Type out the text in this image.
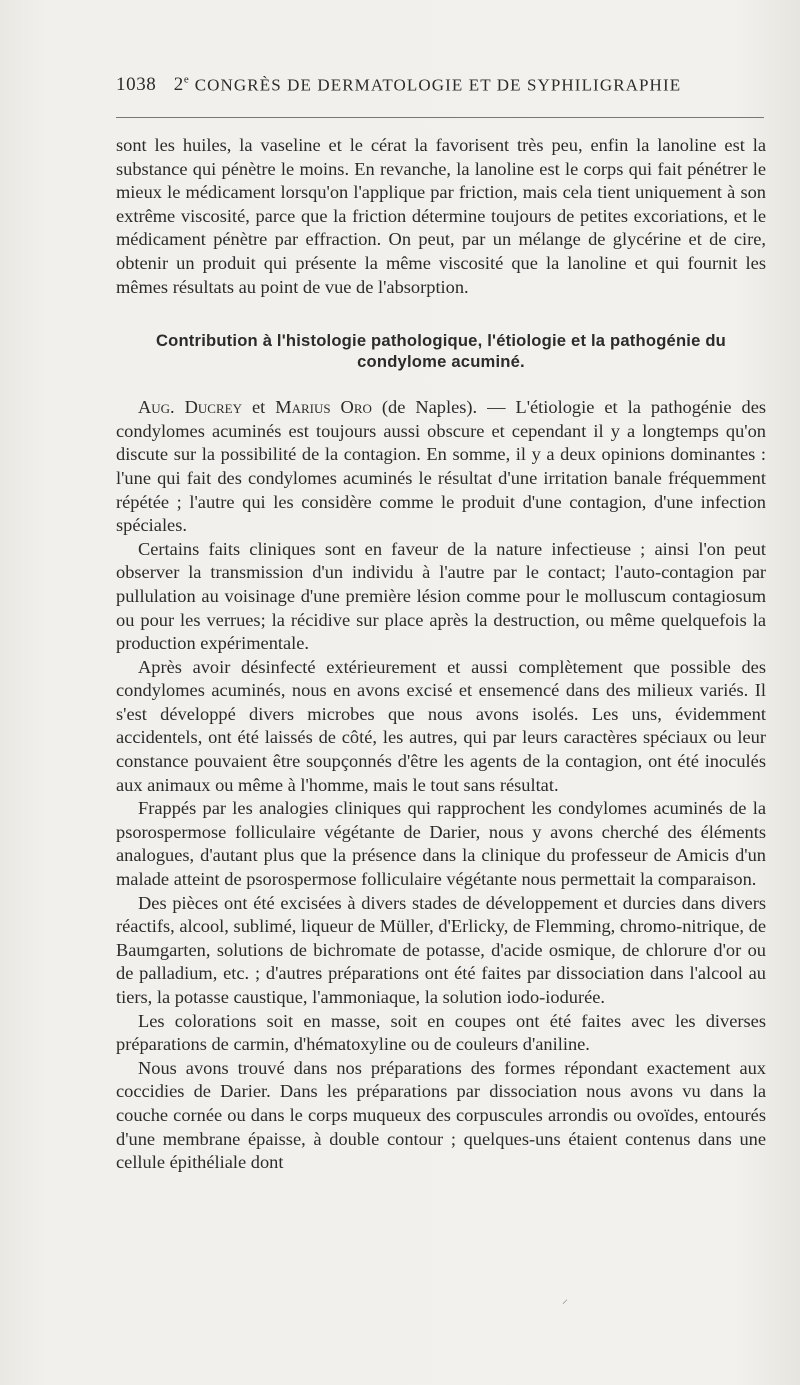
1038 2e CONGRÈS DE DERMATOLOGIE ET DE SYPHILIGRAPHIE

sont les huiles, la vaseline et le cérat la favorisent très peu, enfin la lanoline est la substance qui pénètre le moins. En revanche, la lanoline est le corps qui fait pénétrer le mieux le médicament lorsqu'on l'applique par friction, mais cela tient uniquement à son extrême viscosité, parce que la friction détermine toujours de petites excoriations, et le médicament pénètre par effraction. On peut, par un mélange de glycérine et de cire, obtenir un produit qui présente la même viscosité que la lanoline et qui fournit les mêmes résultats au point de vue de l'absorption.

Contribution à l'histologie pathologique, l'étiologie et la pathogénie du condylome acuminé.

Aug. Ducrey et Marius Oro (de Naples). — L'étiologie et la pathogénie des condylomes acuminés est toujours aussi obscure et cependant il y a longtemps qu'on discute sur la possibilité de la contagion. En somme, il y a deux opinions dominantes : l'une qui fait des condylomes acuminés le résultat d'une irritation banale fréquemment répétée ; l'autre qui les considère comme le produit d'une contagion, d'une infection spéciales.

Certains faits cliniques sont en faveur de la nature infectieuse ; ainsi l'on peut observer la transmission d'un individu à l'autre par le contact; l'auto-contagion par pullulation au voisinage d'une première lésion comme pour le molluscum contagiosum ou pour les verrues; la récidive sur place après la destruction, ou même quelquefois la production expérimentale.

Après avoir désinfecté extérieurement et aussi complètement que possible des condylomes acuminés, nous en avons excisé et ensemencé dans des milieux variés. Il s'est développé divers microbes que nous avons isolés. Les uns, évidemment accidentels, ont été laissés de côté, les autres, qui par leurs caractères spéciaux ou leur constance pouvaient être soupçonnés d'être les agents de la contagion, ont été inoculés aux animaux ou même à l'homme, mais le tout sans résultat.

Frappés par les analogies cliniques qui rapprochent les condylomes acuminés de la psorospermose folliculaire végétante de Darier, nous y avons cherché des éléments analogues, d'autant plus que la présence dans la clinique du professeur de Amicis d'un malade atteint de psorospermose folliculaire végétante nous permettait la comparaison.

Des pièces ont été excisées à divers stades de développement et durcies dans divers réactifs, alcool, sublimé, liqueur de Müller, d'Erlicky, de Flemming, chromo-nitrique, de Baumgarten, solutions de bichromate de potasse, d'acide osmique, de chlorure d'or ou de palladium, etc. ; d'autres préparations ont été faites par dissociation dans l'alcool au tiers, la potasse caustique, l'ammoniaque, la solution iodo-iodurée.

Les colorations soit en masse, soit en coupes ont été faites avec les diverses préparations de carmin, d'hématoxyline ou de couleurs d'aniline.

Nous avons trouvé dans nos préparations des formes répondant exactement aux coccidies de Darier. Dans les préparations par dissociation nous avons vu dans la couche cornée ou dans le corps muqueux des corpuscules arrondis ou ovoïdes, entourés d'une membrane épaisse, à double contour ; quelques-uns étaient contenus dans une cellule épithéliale dont

⸝
